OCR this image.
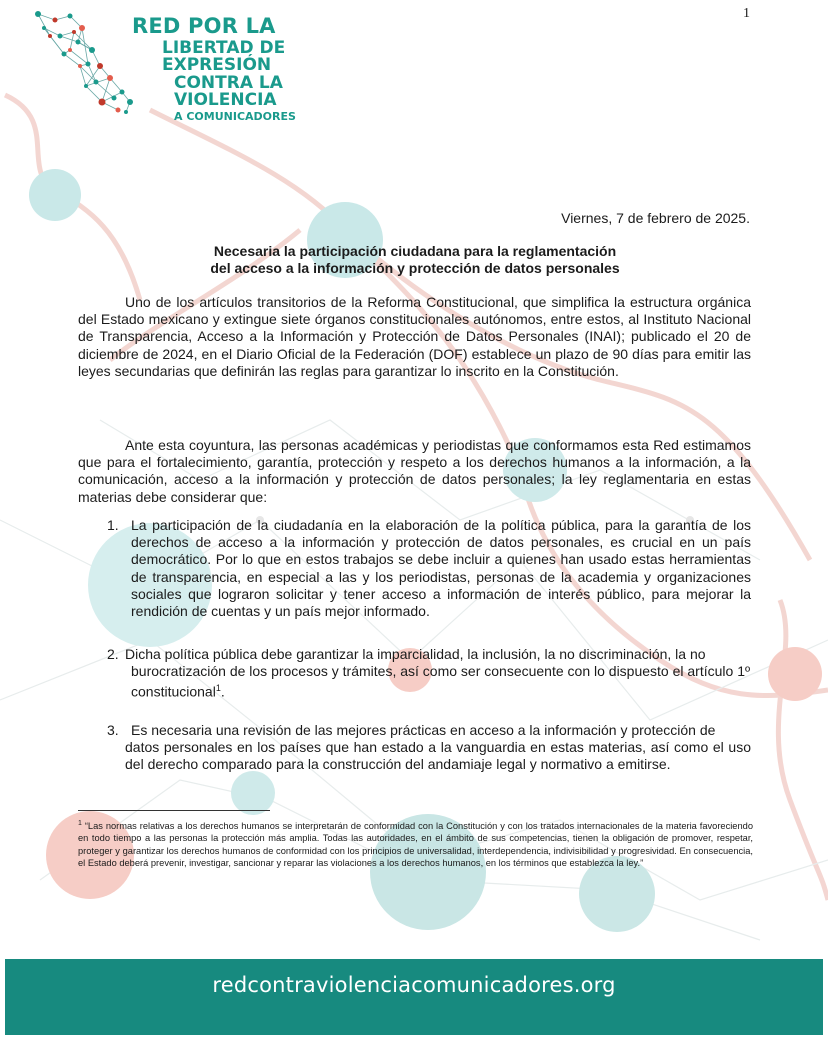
RED POR LA
LIBERTAD DE EXPRESIÓN
CONTRA LA VIOLENCIA
A COMUNICADORES
1
Viernes, 7 de febrero de 2025.
Necesaria la participación ciudadana para la reglamentación
del acceso a la información y protección de datos personales
Uno de los artículos transitorios de la Reforma Constitucional, que simplifica la estructura orgánica del Estado mexicano y extingue siete órganos constitucionales autónomos, entre estos, al Instituto Nacional de Transparencia, Acceso a la Información y Protección de Datos Personales (INAI); publicado el 20 de diciembre de 2024, en el Diario Oficial de la Federación (DOF) establece un plazo de 90 días para emitir las leyes secundarias que definirán las reglas para garantizar lo inscrito en la Constitución.
Ante esta coyuntura, las personas académicas y periodistas que conformamos esta Red estimamos que para el fortalecimiento, garantía, protección y respeto a los derechos humanos a la información, a la comunicación, acceso a la información y protección de datos personales; la ley reglamentaria en estas materias debe considerar que:
1. La participación de la ciudadanía en la elaboración de la política pública, para la garantía de los derechos de acceso a la información y protección de datos personales, es crucial en un país democrático. Por lo que en estos trabajos se debe incluir a quienes han usado estas herramientas de transparencia, en especial a las y los periodistas, personas de la academia y organizaciones sociales que lograron solicitar y tener acceso a información de interés público, para mejorar la rendición de cuentas y un país mejor informado.
2. Dicha política pública debe garantizar la imparcialidad, la inclusión, la no discriminación, la no
burocratización de los procesos y trámites, así como ser consecuente con lo dispuesto el artículo 1º constitucional$^1$.
3. Es necesaria una revisión de las mejores prácticas en acceso a la información y protección de
datos personales en los países que han estado a la vanguardia en estas materias, así como el uso del derecho comparado para la construcción del andamiaje legal y normativo a emitirse.
$^1$ “Las normas relativas a los derechos humanos se interpretarán de conformidad con la Constitución y con los tratados internacionales de la materia favoreciendo en todo tiempo a las personas la protección más amplia. Todas las autoridades, en el ámbito de sus competencias, tienen la obligación de promover, respetar, proteger y garantizar los derechos humanos de conformidad con los principios de universalidad, interdependencia, indivisibilidad y progresividad. En consecuencia, el Estado deberá prevenir, investigar, sancionar y reparar las violaciones a los derechos humanos, en los términos que establezca la ley.”
redcontraviolenciacomunicadores.org
